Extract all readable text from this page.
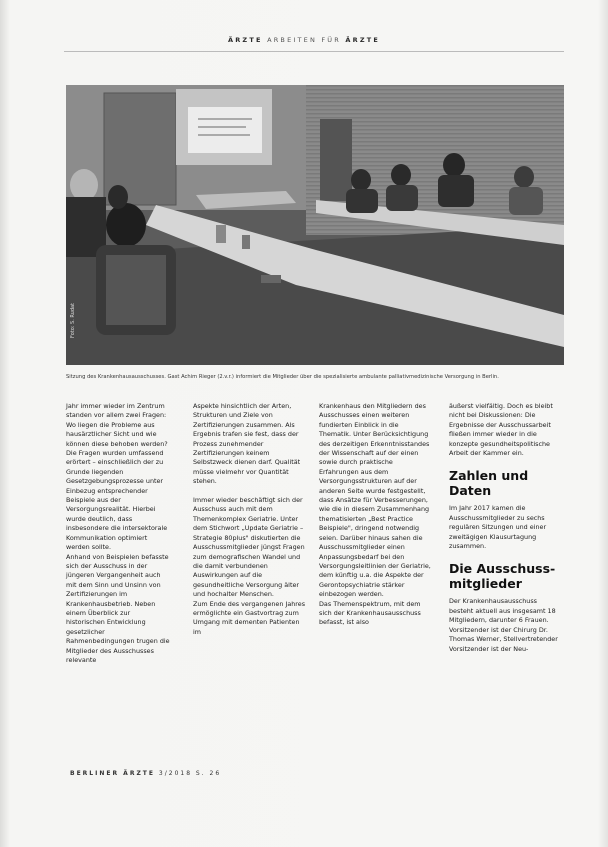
ÄRZTE ARBEITEN FÜR ÄRZTE
Foto: S. Rudat
Sitzung des Krankenhausausschusses. Gast Achim Rieger (2.v.r.) informiert die Mitglieder über die spezialisierte ambulante palliativmedizinische Versorgung in Berlin.

Jahr immer wieder im Zentrum standen vor allem zwei Fragen: Wo liegen die Probleme aus hausärztlicher Sicht und wie können diese behoben werden? Die Fragen wurden umfassend erörtert – einschließlich der zu Grunde liegenden Gesetzgebungsprozesse unter Einbezug entsprechender Beispiele aus der Versorgungsrealität. Hierbei wurde deutlich, dass insbesondere die intersektorale Kommunikation optimiert werden sollte.
Anhand von Beispielen befasste sich der Ausschuss in der jüngeren Vergangenheit auch mit dem Sinn und Unsinn von Zertifizierungen im Krankenhausbetrieb. Neben einem Überblick zur historischen Entwicklung gesetzlicher Rahmenbedingungen trugen die Mitglieder des Ausschusses relevante

Aspekte hinsichtlich der Arten, Strukturen und Ziele von Zertifizierungen zusammen. Als Ergebnis trafen sie fest, dass der Prozess zunehmender Zertifizierungen keinem Selbstzweck dienen darf. Qualität müsse vielmehr vor Quantität stehen.

Immer wieder beschäftigt sich der Ausschuss auch mit dem Themenkomplex Geriatrie. Unter dem Stichwort „Update Geriatrie – Strategie 80plus" diskutierten die Ausschussmitglieder jüngst Fragen zum demografischen Wandel und die damit verbundenen Auswirkungen auf die gesundheitliche Versorgung älter und hochalter Menschen.
Zum Ende des vergangenen Jahres ermöglichte ein Gastvortrag zum Umgang mit dementen Patienten im

Krankenhaus den Mitgliedern des Ausschusses einen weiteren fundierten Einblick in die Thematik. Unter Berücksichtigung des derzeitigen Erkenntnisstandes der Wissenschaft auf der einen sowie durch praktische Erfahrungen aus dem Versorgungsstrukturen auf der anderen Seite wurde festgestellt, dass Ansätze für Verbesserungen, wie die in diesem Zusammenhang thematisierten „Best Practice Beispiele", dringend notwendig seien. Darüber hinaus sahen die Ausschussmitglieder einen Anpassungsbedarf bei den Versorgungsleitlinien der Geriatrie, dem künftig u.a. die Aspekte der Gerontopsychiatrie stärker einbezogen werden.
Das Themenspektrum, mit dem sich der Krankenhausausschuss befasst, ist also

äußerst vielfältig. Doch es bleibt nicht bei Diskussionen: Die Ergebnisse der Ausschussarbeit fließen immer wieder in die konzepte gesundheitspolitische Arbeit der Kammer ein.

Zahlen und
Daten

Im Jahr 2017 kamen die Ausschussmitglieder zu sechs regulären Sitzungen und einer zweitägigen Klausurtagung zusammen.

Die Ausschuss-
mitglieder

Der Krankenhausausschuss besteht aktuell aus insgesamt 18 Mitgliedern, darunter 6 Frauen. Vorsitzender ist der Chirurg Dr. Thomas Werner, Stellvertretender Vorsitzender ist der Neu-

BERLINER ÄRZTE 3/2018 S. 26
